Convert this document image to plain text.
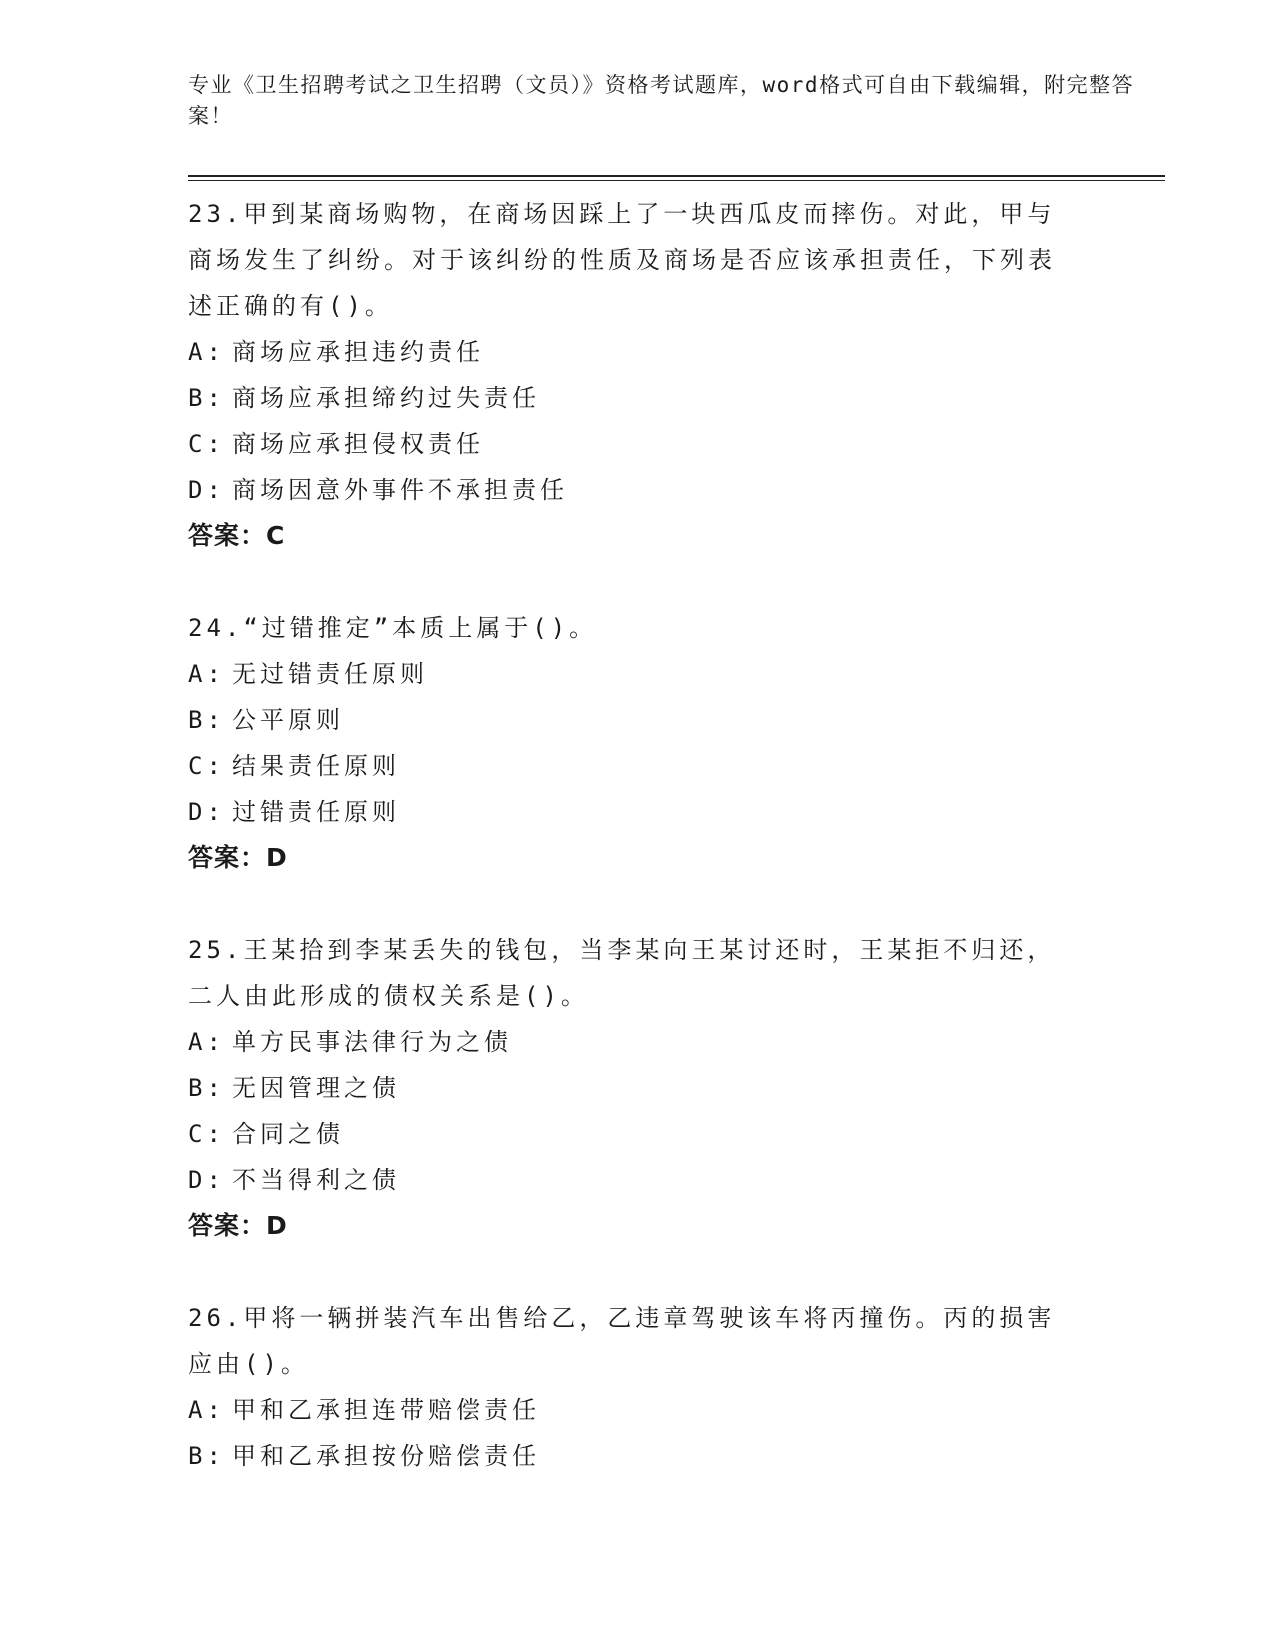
专业《卫生招聘考试之卫生招聘（文员）》资格考试题库，word格式可自由下载编辑，附完整答案！

23.甲到某商场购物，在商场因踩上了一块西瓜皮而摔伤。对此，甲与商场发生了纠纷。对于该纠纷的性质及商场是否应该承担责任，下列表述正确的有()。

A: 商场应承担违约责任

B: 商场应承担缔约过失责任

C: 商场应承担侵权责任

D: 商场因意外事件不承担责任

答案：C

24.“过错推定”本质上属于()。

A: 无过错责任原则

B: 公平原则

C: 结果责任原则

D: 过错责任原则

答案：D

25.王某拾到李某丢失的钱包，当李某向王某讨还时，王某拒不归还，二人由此形成的债权关系是()。

A: 单方民事法律行为之债

B: 无因管理之债

C: 合同之债

D: 不当得利之债

答案：D

26.甲将一辆拼装汽车出售给乙，乙违章驾驶该车将丙撞伤。丙的损害应由()。

A: 甲和乙承担连带赔偿责任

B: 甲和乙承担按份赔偿责任
